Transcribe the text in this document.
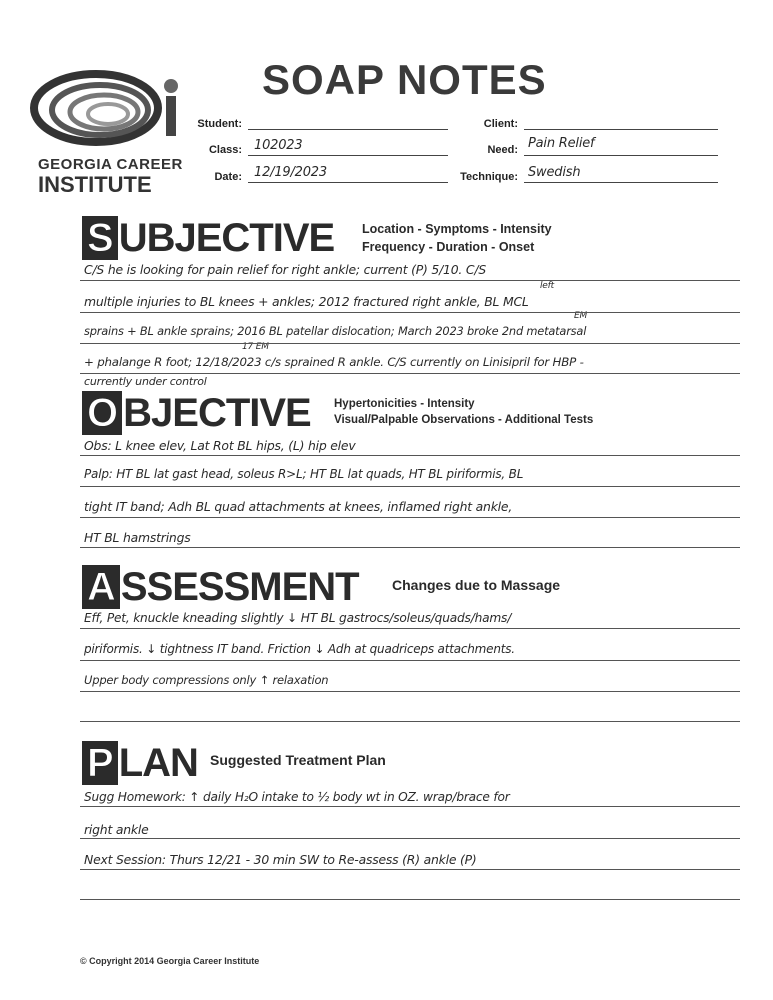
GEORGIA CAREER
INSTITUTE
SOAP NOTES
Student:
Class: 102023
Date: 12/19/2023
Client:
Need: Pain Relief
Technique: Swedish
S UBJECTIVE Location - Symptoms - Intensity
Frequency - Duration - Onset
left
EM
17 EM
C/S he is looking for pain relief for right ankle; current (P) 5/10. C/S
multiple injuries to BL knees + ankles; 2012 fractured right ankle, BL MCL
sprains + BL ankle sprains; 2016 BL patellar dislocation; March 2023 broke 2nd metatarsal
+ phalange R foot; 12/18/2023 c/s sprained R ankle. C/S currently on Linisipril for HBP -
currently under control
O BJECTIVE Hypertonicities - Intensity
Visual/Palpable Observations - Additional Tests
Obs: L knee elev, Lat Rot BL hips, (L) hip elev
Palp: HT BL lat gast head, soleus R>L; HT BL lat quads, HT BL piriformis, BL
tight IT band; Adh BL quad attachments at knees, inflamed right ankle,
HT BL hamstrings
A SSESSMENT Changes due to Massage
Eff, Pet, knuckle kneading slightly ↓ HT BL gastrocs/soleus/quads/hams/
piriformis. ↓ tightness IT band. Friction ↓ Adh at quadriceps attachments.
Upper body compressions only ↑ relaxation
P LAN Suggested Treatment Plan
Sugg Homework: ↑ daily H₂O intake to ½ body wt in OZ. wrap/brace for
right ankle
Next Session: Thurs 12/21 - 30 min SW to Re-assess (R) ankle (P)
© Copyright 2014 Georgia Career Institute
